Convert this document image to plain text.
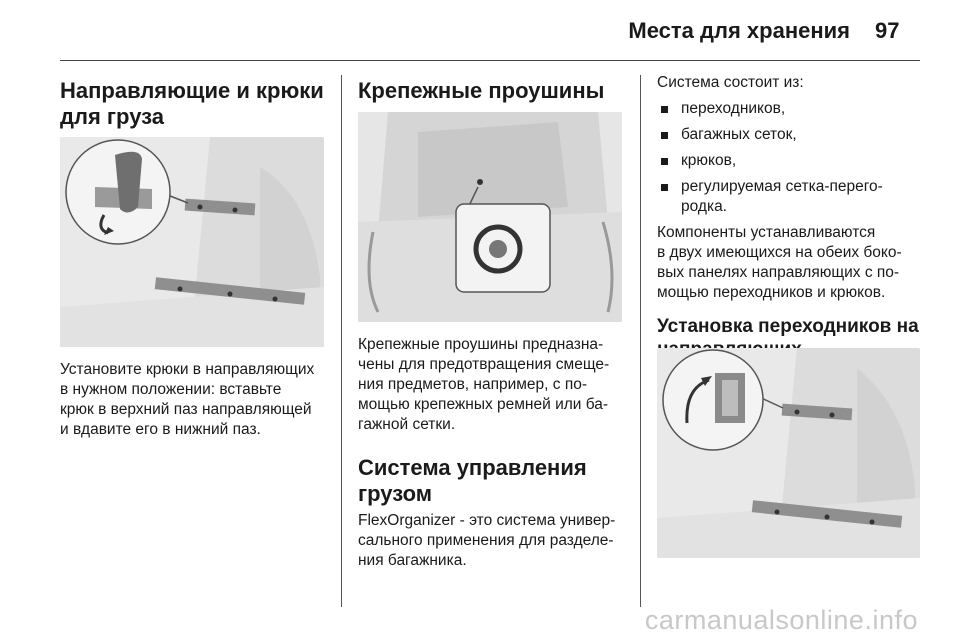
Места для хранения 97

Направляющие и крюки
для груза

Установите крюки в направляющих
в нужном положении: вставьте
крюк в верхний паз направляющей
и вдавите его в нижний паз.

Крепежные проушины

Крепежные проушины предназна-
чены для предотвращения смеще-
ния предметов, например, с по-
мощью крепежных ремней или ба-
гажной сетки.

Система управления
грузом

FlexOrganizer - это система универ-
сального применения для разделе-
ния багажника.

Система состоит из:

переходников,
багажных сеток,
крюков,
регулируемая сетка-перего-
родка.

Компоненты устанавливаются
в двух имеющихся на обеих боко-
вых панелях направляющих с по-
мощью переходников и крюков.

Установка переходников на

carmanualsonline.info
